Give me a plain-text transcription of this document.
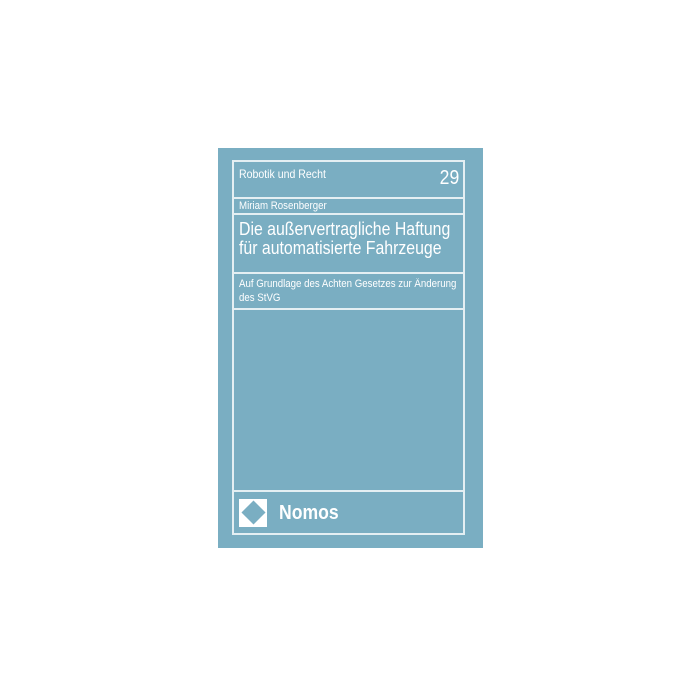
Robotik und Recht	29
Miriam Rosenberger
Die außervertragliche Haftung
für automatisierte Fahrzeuge
Auf Grundlage des Achten Gesetzes zur Änderung
des StVG
Nomos
